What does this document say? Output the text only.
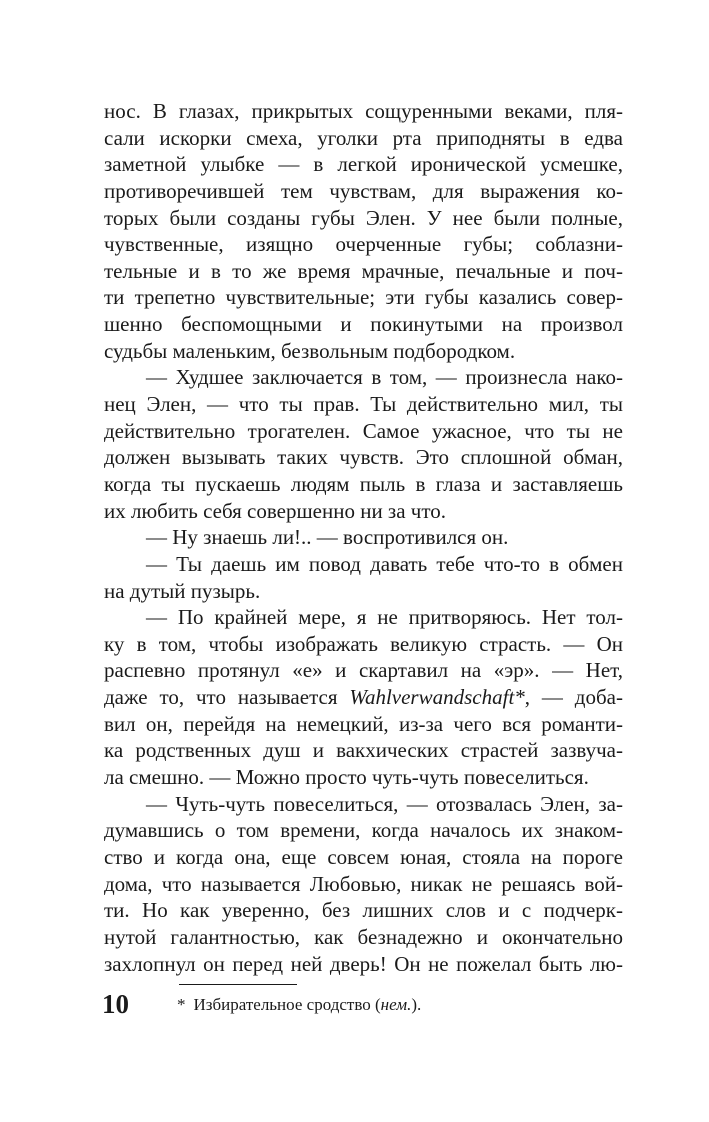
нос. В глазах, прикрытых сощуренными веками, пля-
сали искорки смеха, уголки рта приподняты в едва
заметной улыбке — в легкой иронической усмешке,
противоречившей тем чувствам, для выражения ко-
торых были созданы губы Элен. У нее были полные,
чувственные, изящно очерченные губы; соблазни-
тельные и в то же время мрачные, печальные и поч-
ти трепетно чувствительные; эти губы казались совер-
шенно беспомощными и покинутыми на произвол
судьбы маленьким, безвольным подбородком.
— Худшее заключается в том, — произнесла нако-
нец Элен, — что ты прав. Ты действительно мил, ты
действительно трогателен. Самое ужасное, что ты не
должен вызывать таких чувств. Это сплошной обман,
когда ты пускаешь людям пыль в глаза и заставляешь
их любить себя совершенно ни за что.
— Ну знаешь ли!.. — воспротивился он.
— Ты даешь им повод давать тебе что-то в обмен
на дутый пузырь.
— По крайней мере, я не притворяюсь. Нет тол-
ку в том, чтобы изображать великую страсть. — Он
распевно протянул «е» и скартавил на «эр». — Нет,
даже то, что называется Wahlverwandschaft*, — доба-
вил он, перейдя на немецкий, из-за чего вся романти-
ка родственных душ и вакхических страстей зазвуча-
ла смешно. — Можно просто чуть-чуть повеселиться.
— Чуть-чуть повеселиться, — отозвалась Элен, за-
думавшись о том времени, когда началось их знаком-
ство и когда она, еще совсем юная, стояла на пороге
дома, что называется Любовью, никак не решаясь вой-
ти. Но как уверенно, без лишних слов и с подчерк-
нутой галантностью, как безнадежно и окончательно
захлопнул он перед ней дверь! Он не пожелал быть лю-
10	* Избирательное сродство (нем.).
